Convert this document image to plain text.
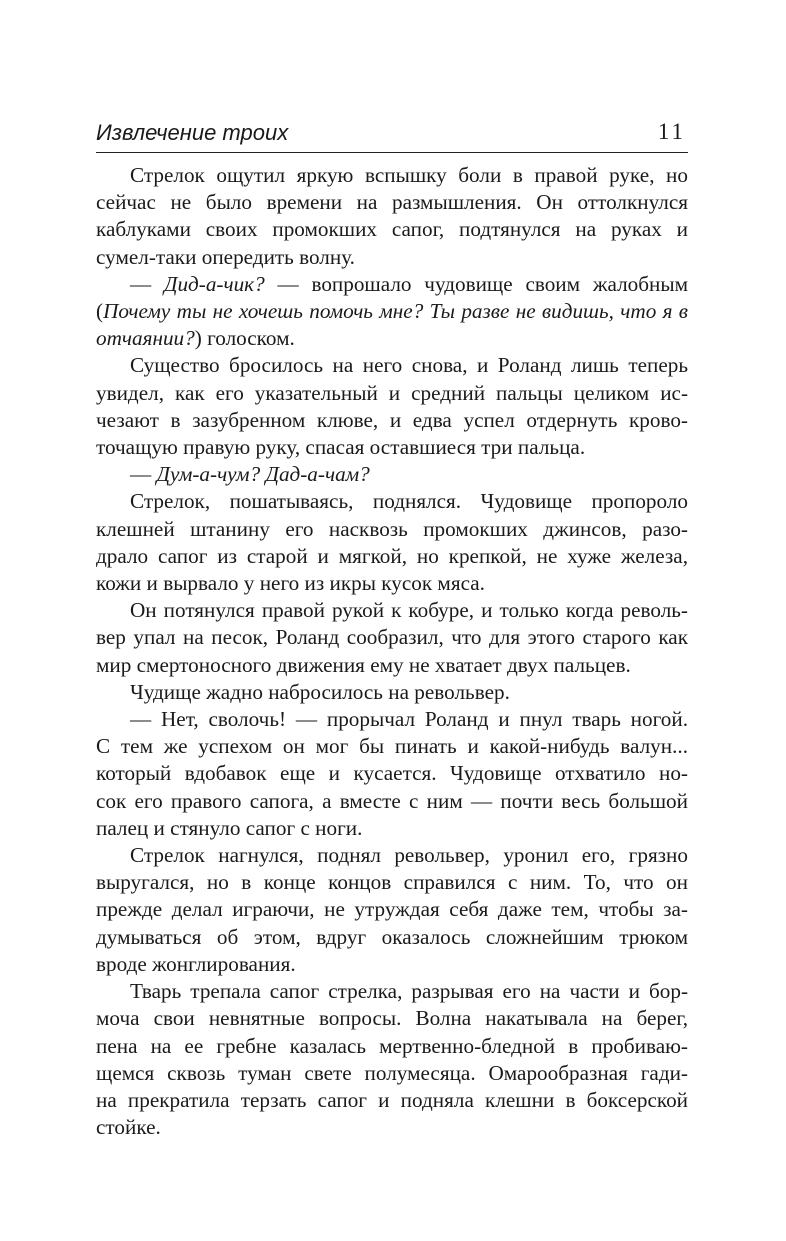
Извлечение троих	11

Стрелок ощутил яркую вспышку боли в правой руке, но
сейчас не было времени на размышления. Он оттолкнулся
каблуками своих промокших сапог, подтянулся на руках и
сумел-таки опередить волну.

— Дид-а-чик? — вопрошало чудовище своим жалобным
(Почему ты не хочешь помочь мне? Ты разве не видишь, что я в
отчаянии?) голоском.

Существо бросилось на него снова, и Роланд лишь теперь
увидел, как его указательный и средний пальцы целиком ис-
чезают в зазубренном клюве, и едва успел отдернуть крово-
точащую правую руку, спасая оставшиеся три пальца.

— Дум-а-чум? Дад-а-чам?

Стрелок, пошатываясь, поднялся. Чудовище пропороло
клешней штанину его насквозь промокших джинсов, разо-
драло сапог из старой и мягкой, но крепкой, не хуже железа,
кожи и вырвало у него из икры кусок мяса.

Он потянулся правой рукой к кобуре, и только когда револь-
вер упал на песок, Роланд сообразил, что для этого старого как
мир смертоносного движения ему не хватает двух пальцев.

Чудище жадно набросилось на револьвер.

— Нет, сволочь! — прорычал Роланд и пнул тварь ногой.
С тем же успехом он мог бы пинать и какой-нибудь валун...
который вдобавок еще и кусается. Чудовище отхватило но-
сок его правого сапога, а вместе с ним — почти весь большой
палец и стянуло сапог с ноги.

Стрелок нагнулся, поднял револьвер, уронил его, грязно
выругался, но в конце концов справился с ним. То, что он
прежде делал играючи, не утруждая себя даже тем, чтобы за-
думываться об этом, вдруг оказалось сложнейшим трюком
вроде жонглирования.

Тварь трепала сапог стрелка, разрывая его на части и бор-
моча свои невнятные вопросы. Волна накатывала на берег,
пена на ее гребне казалась мертвенно-бледной в пробиваю-
щемся сквозь туман свете полумесяца. Омарообразная гади-
на прекратила терзать сапог и подняла клешни в боксерской
стойке.
